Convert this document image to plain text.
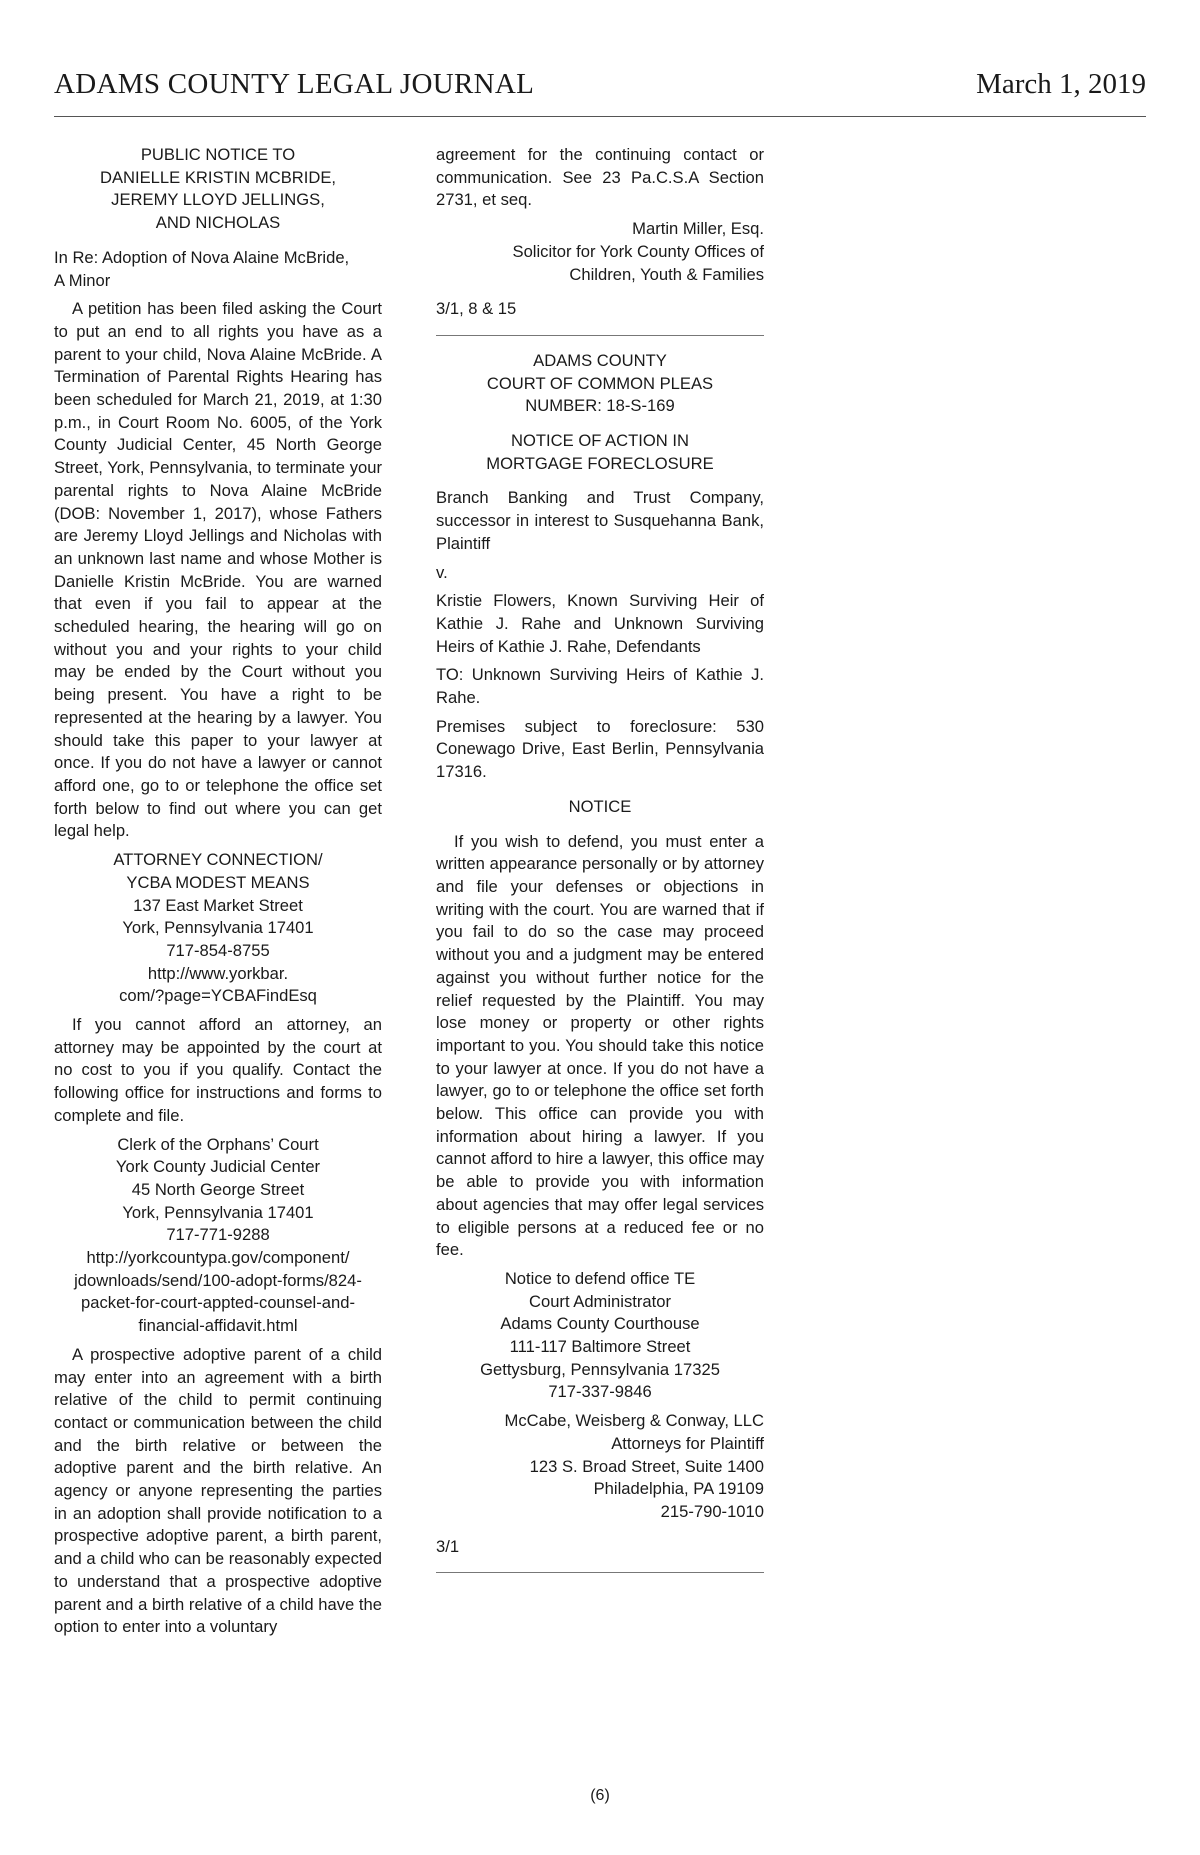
ADAMS COUNTY LEGAL JOURNAL	March 1, 2019

PUBLIC NOTICE TO
DANIELLE KRISTIN MCBRIDE,
JEREMY LLOYD JELLINGS,
AND NICHOLAS

In Re: Adoption of Nova Alaine McBride,
A Minor

A petition has been filed asking the Court to put an end to all rights you have as a parent to your child, Nova Alaine McBride. A Termination of Parental Rights Hearing has been scheduled for March 21, 2019, at 1:30 p.m., in Court Room No. 6005, of the York County Judicial Center, 45 North George Street, York, Pennsylvania, to terminate your parental rights to Nova Alaine McBride (DOB: November 1, 2017), whose Fathers are Jeremy Lloyd Jellings and Nicholas with an unknown last name and whose Mother is Danielle Kristin McBride. You are warned that even if you fail to appear at the scheduled hearing, the hearing will go on without you and your rights to your child may be ended by the Court without you being present. You have a right to be represented at the hearing by a lawyer. You should take this paper to your lawyer at once. If you do not have a lawyer or cannot afford one, go to or telephone the office set forth below to find out where you can get legal help.

ATTORNEY CONNECTION/
YCBA MODEST MEANS
137 East Market Street
York, Pennsylvania 17401
717-854-8755
http://www.yorkbar.
com/?page=YCBAFindEsq

If you cannot afford an attorney, an attorney may be appointed by the court at no cost to you if you qualify. Contact the following office for instructions and forms to complete and file.

Clerk of the Orphans’ Court
York County Judicial Center
45 North George Street
York, Pennsylvania 17401
717-771-9288
http://yorkcountypa.gov/component/
jdownloads/send/100-adopt-forms/824-
packet-for-court-appted-counsel-and-
financial-affidavit.html

A prospective adoptive parent of a child may enter into an agreement with a birth relative of the child to permit continuing contact or communication between the child and the birth relative or between the adoptive parent and the birth relative. An agency or anyone representing the parties in an adoption shall provide notification to a prospective adoptive parent, a birth parent, and a child who can be reasonably expected to understand that a prospective adoptive parent and a birth relative of a child have the option to enter into a voluntary

agreement for the continuing contact or communication. See 23 Pa.C.S.A Section 2731, et seq.

Martin Miller, Esq.
Solicitor for York County Offices of
Children, Youth & Families

3/1, 8 & 15

ADAMS COUNTY
COURT OF COMMON PLEAS
NUMBER: 18-S-169

NOTICE OF ACTION IN
MORTGAGE FORECLOSURE

Branch Banking and Trust Company, successor in interest to Susquehanna Bank, Plaintiff

v.

Kristie Flowers, Known Surviving Heir of Kathie J. Rahe and Unknown Surviving Heirs of Kathie J. Rahe, Defendants

TO: Unknown Surviving Heirs of Kathie J. Rahe.

Premises subject to foreclosure: 530 Conewago Drive, East Berlin, Pennsylvania 17316.

NOTICE

If you wish to defend, you must enter a written appearance personally or by attorney and file your defenses or objections in writing with the court. You are warned that if you fail to do so the case may proceed without you and a judgment may be entered against you without further notice for the relief requested by the Plaintiff. You may lose money or property or other rights important to you. You should take this notice to your lawyer at once. If you do not have a lawyer, go to or telephone the office set forth below. This office can provide you with information about hiring a lawyer. If you cannot afford to hire a lawyer, this office may be able to provide you with information about agencies that may offer legal services to eligible persons at a reduced fee or no fee.

Notice to defend office TE
Court Administrator
Adams County Courthouse
111-117 Baltimore Street
Gettysburg, Pennsylvania 17325
717-337-9846

McCabe, Weisberg & Conway, LLC
Attorneys for Plaintiff
123 S. Broad Street, Suite 1400
Philadelphia, PA 19109
215-790-1010

3/1

(6)
